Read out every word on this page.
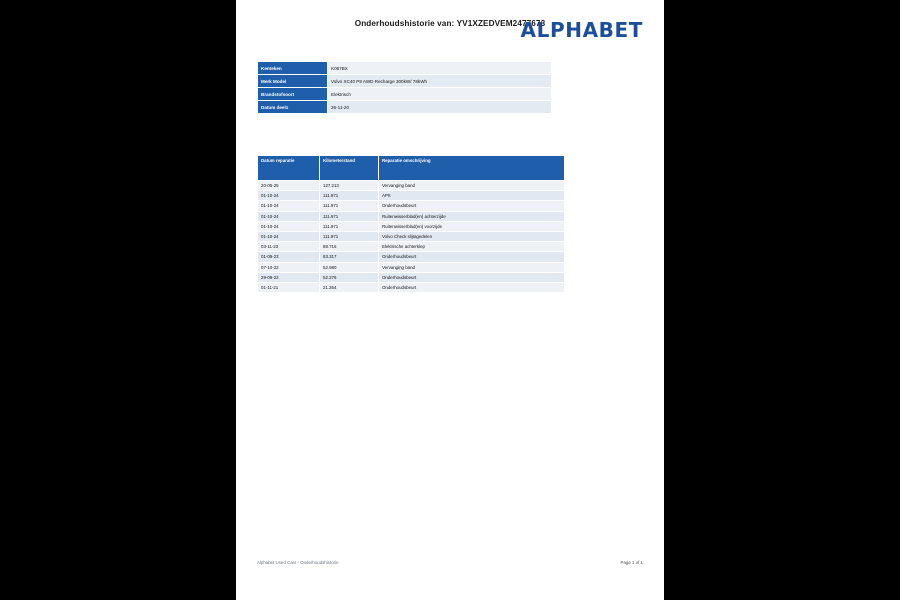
Onderhoudshistorie van: YV1XZEDVEM2477673
ALPHABET
Kenteken	K067BX
Merk Model	Volvo XC40 P8 AWD Recharge 300kW/ 78kWh
Brandstofsoort	Elektrisch
Datum deel1	26-11-20
Datum reparatie	Kilometerstand	Reparatie omschrijving
20-05-25	127.213	Vervanging band
01-10-24	111.971	APK
01-10-24	111.971	Onderhoudsbeurt
01-10-24	111.971	Ruitenwisserblad(en) achterzijde
01-10-24	111.971	Ruitenwisserblad(en) voorzijde
01-10-24	111.971	Volvo Check slijtagedelen
03-11-23	88.716	Elektrische achterklep
01-09-23	83.317	Onderhoudsbeurt
07-10-22	52.980	Vervanging band
29-09-22	52.276	Onderhoudsbeurt
01-11-21	21.264	Onderhoudsbeurt
Alphabet Used Cars - Onderhoudshistorie	Page 1 of 1
